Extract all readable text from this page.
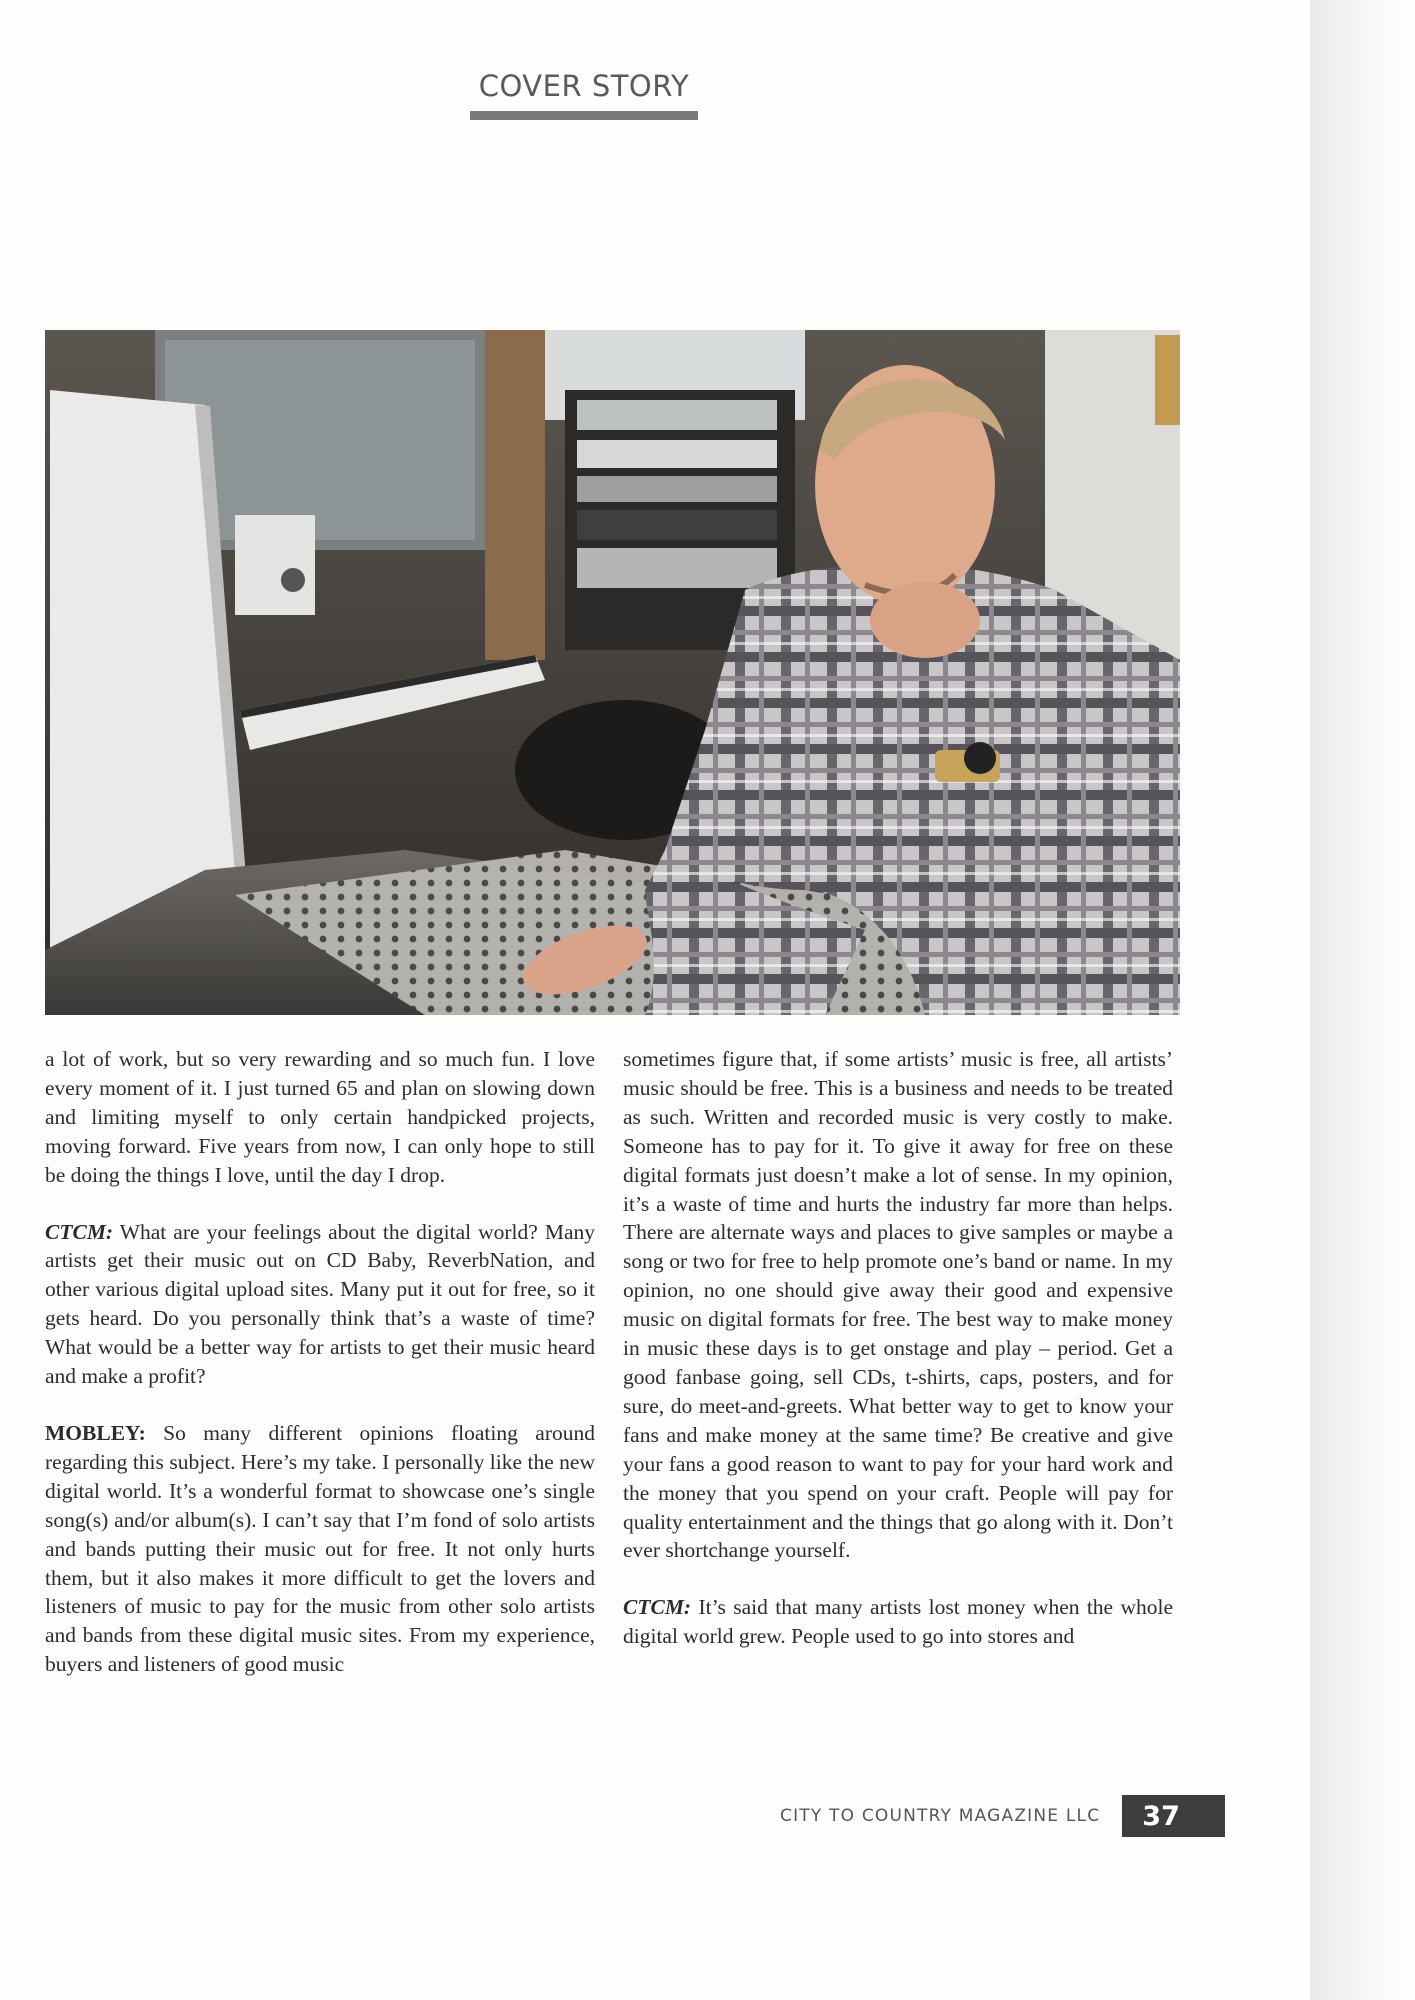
COVER STORY

a lot of work, but so very rewarding and so much fun. I love every moment of it. I just turned 65 and plan on slowing down and limiting myself to only certain handpicked projects, moving forward. Five years from now, I can only hope to still be doing the things I love, until the day I drop.

CTCM: What are your feelings about the digital world? Many artists get their music out on CD Baby, ReverbNation, and other various digital upload sites. Many put it out for free, so it gets heard. Do you personally think that’s a waste of time? What would be a better way for artists to get their music heard and make a profit?

MOBLEY: So many different opinions floating around regarding this subject. Here’s my take. I personally like the new digital world. It’s a wonderful format to showcase one’s single song(s) and/or album(s). I can’t say that I’m fond of solo artists and bands putting their music out for free. It not only hurts them, but it also makes it more difficult to get the lovers and listeners of music to pay for the music from other solo artists and bands from these digital music sites. From my experience, buyers and listeners of good music

sometimes figure that, if some artists’ music is free, all artists’ music should be free. This is a business and needs to be treated as such. Written and recorded music is very costly to make. Someone has to pay for it. To give it away for free on these digital formats just doesn’t make a lot of sense. In my opinion, it’s a waste of time and hurts the industry far more than helps. There are alternate ways and places to give samples or maybe a song or two for free to help promote one’s band or name. In my opinion, no one should give away their good and expensive music on digital formats for free. The best way to make money in music these days is to get onstage and play – period. Get a good fanbase going, sell CDs, t-shirts, caps, posters, and for sure, do meet-and-greets. What better way to get to know your fans and make money at the same time? Be creative and give your fans a good reason to want to pay for your hard work and the money that you spend on your craft. People will pay for quality entertainment and the things that go along with it. Don’t ever shortchange yourself.

CTCM: It’s said that many artists lost money when the whole digital world grew. People used to go into stores and

CITY TO COUNTRY MAGAZINE LLC	37
